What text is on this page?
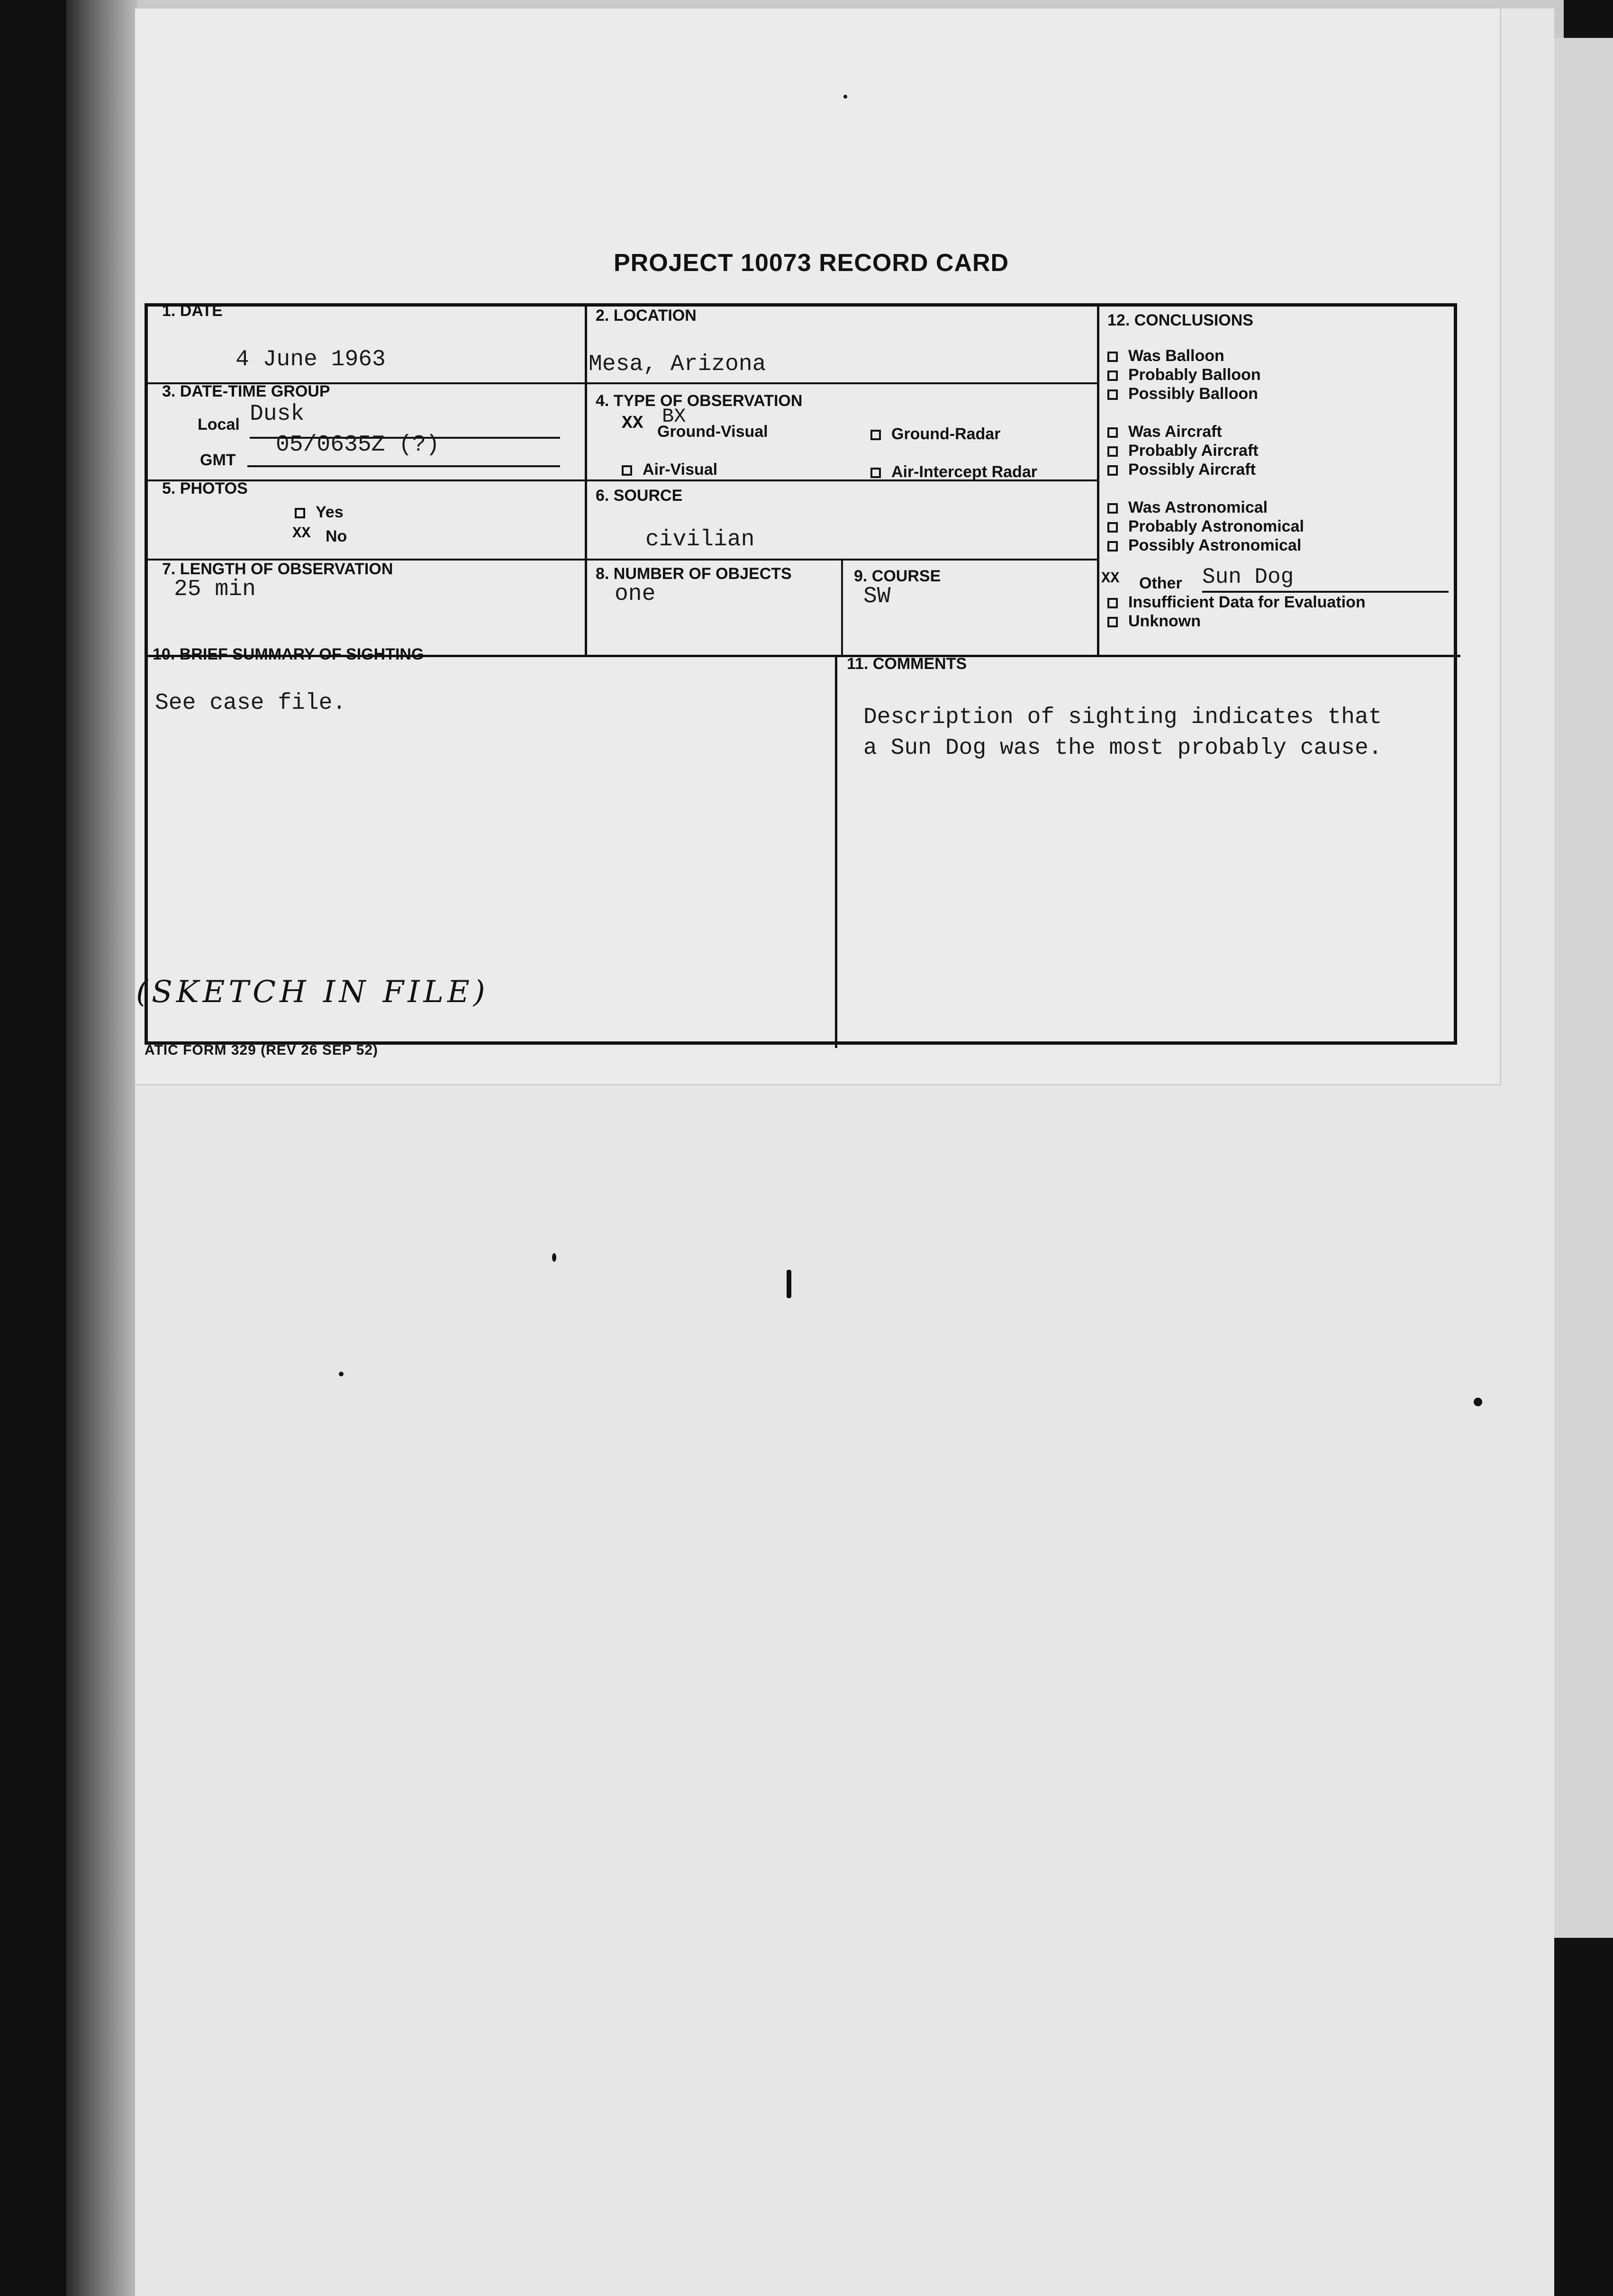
PROJECT 10073 RECORD CARD
1. DATE
4 June 1963
2. LOCATION
Mesa, Arizona
3. DATE-TIME GROUP
Local Dusk
05/0635Z (?)
GMT
4. TYPE OF OBSERVATION
XX BX
Ground-Visual	Ground-Radar
Air-Visual	Air-Intercept Radar
5. PHOTOS
Yes
XX No
6. SOURCE
civilian
7. LENGTH OF OBSERVATION
25 min
8. NUMBER OF OBJECTS
one
9. COURSE
SW
10. BRIEF SUMMARY OF SIGHTING
See case file.
(SKETCH IN FILE)
11. COMMENTS
Description of sighting indicates that
a Sun Dog was the most probably cause.
12. CONCLUSIONS
Was Balloon
Probably Balloon
Possibly Balloon
Was Aircraft
Probably Aircraft
Possibly Aircraft
Was Astronomical
Probably Astronomical
Possibly Astronomical
XX Other Sun Dog
Insufficient Data for Evaluation
Unknown
ATIC FORM 329 (REV 26 SEP 52)
